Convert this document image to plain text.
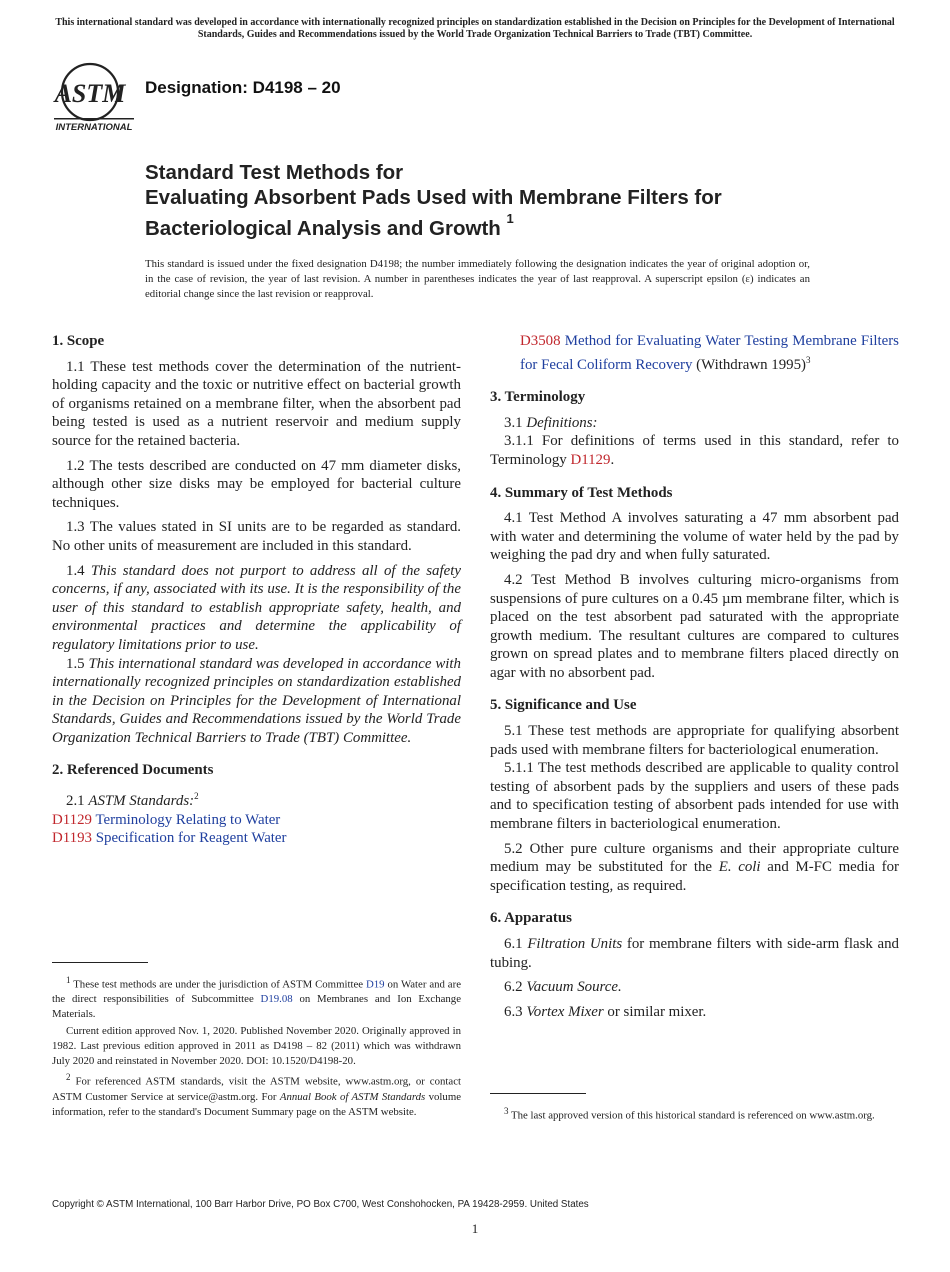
This international standard was developed in accordance with internationally recognized principles on standardization established in the Decision on Principles for the Development of International Standards, Guides and Recommendations issued by the World Trade Organization Technical Barriers to Trade (TBT) Committee.
ASTM
INTERNATIONAL
Designation: D4198 – 20
Standard Test Methods for
Evaluating Absorbent Pads Used with Membrane Filters for
Bacteriological Analysis and Growth $^1$
This standard is issued under the fixed designation D4198; the number immediately following the designation indicates the year of original adoption or, in the case of revision, the year of last revision. A number in parentheses indicates the year of last reapproval. A superscript epsilon (ε) indicates an editorial change since the last revision or reapproval.
1. Scope

1.1 These test methods cover the determination of the nutrient-holding capacity and the toxic or nutritive effect on bacterial growth of organisms retained on a membrane filter, when the absorbent pad being tested is used as a nutrient reservoir and medium supply source for the retained bacteria.

1.2 The tests described are conducted on 47 mm diameter disks, although other size disks may be employed for bacterial culture techniques.

1.3 The values stated in SI units are to be regarded as standard. No other units of measurement are included in this standard.

1.4 This standard does not purport to address all of the safety concerns, if any, associated with its use. It is the responsibility of the user of this standard to establish appropriate safety, health, and environmental practices and determine the applicability of regulatory limitations prior to use.

1.5 This international standard was developed in accordance with internationally recognized principles on standardization established in the Decision on Principles for the Development of International Standards, Guides and Recommendations issued by the World Trade Organization Technical Barriers to Trade (TBT) Committee.

2. Referenced Documents

2.1 ASTM Standards:$^2$

D1129 Terminology Relating to Water

D1193 Specification for Reagent Water

$^1$ These test methods are under the jurisdiction of ASTM Committee D19 on Water and are the direct responsibilities of Subcommittee D19.08 on Membranes and Ion Exchange Materials.

Current edition approved Nov. 1, 2020. Published November 2020. Originally approved in 1982. Last previous edition approved in 2011 as D4198 – 82 (2011) which was withdrawn July 2020 and reinstated in November 2020. DOI: 10.1520/D4198-20.

$^2$ For referenced ASTM standards, visit the ASTM website, www.astm.org, or contact ASTM Customer Service at service@astm.org. For Annual Book of ASTM Standards volume information, refer to the standard's Document Summary page on the ASTM website.

D3508 Method for Evaluating Water Testing Membrane Filters for Fecal Coliform Recovery (Withdrawn 1995)$^3$

3. Terminology

3.1 Definitions:

3.1.1 For definitions of terms used in this standard, refer to Terminology D1129.

4. Summary of Test Methods

4.1 Test Method A involves saturating a 47 mm absorbent pad with water and determining the volume of water held by the pad by weighing the pad dry and when fully saturated.

4.2 Test Method B involves culturing micro-organisms from suspensions of pure cultures on a 0.45 µm membrane filter, which is placed on the test absorbent pad saturated with the appropriate growth medium. The resultant cultures are compared to cultures grown on spread plates and to membrane filters placed directly on agar with no absorbent pad.

5. Significance and Use

5.1 These test methods are appropriate for qualifying absorbent pads used with membrane filters for bacteriological enumeration.

5.1.1 The test methods described are applicable to quality control testing of absorbent pads by the suppliers and users of these pads and to specification testing of absorbent pads intended for use with membrane filters in bacteriological enumeration.

5.2 Other pure culture organisms and their appropriate culture medium may be substituted for the E. coli and M-FC media for specification testing, as required.

6. Apparatus

6.1 Filtration Units for membrane filters with side-arm flask and tubing.

6.2 Vacuum Source.

6.3 Vortex Mixer or similar mixer.

$^3$ The last approved version of this historical standard is referenced on www.astm.org.

Copyright © ASTM International, 100 Barr Harbor Drive, PO Box C700, West Conshohocken, PA 19428-2959. United States
1
